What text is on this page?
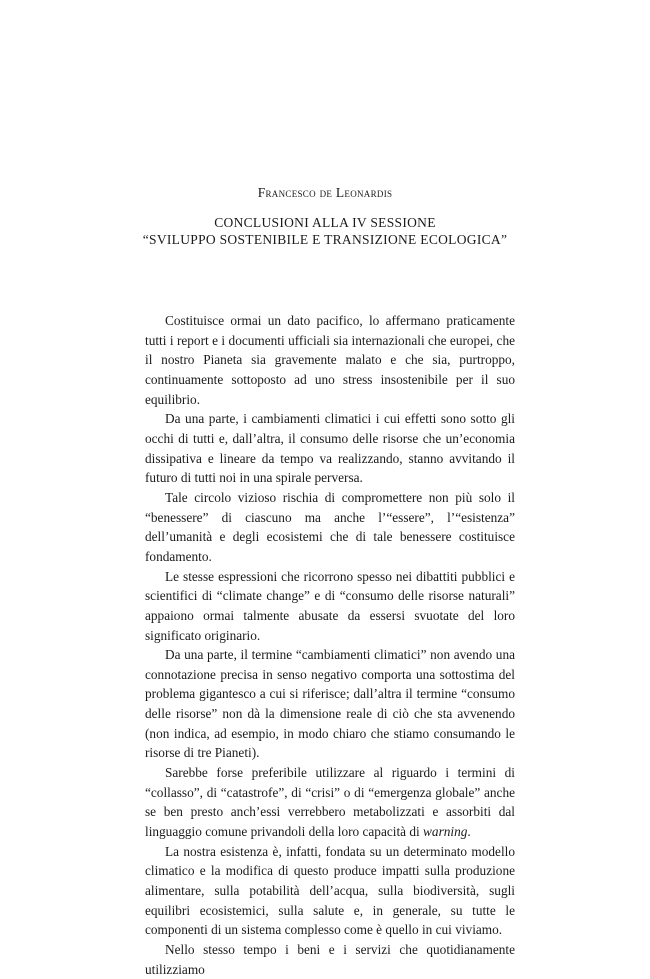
Francesco de Leonardis

CONCLUSIONI ALLA IV SESSIONE
“SVILUPPO SOSTENIBILE E TRANSIZIONE ECOLOGICA”

Costituisce ormai un dato pacifico, lo affermano praticamente tutti i report e i documenti ufficiali sia internazionali che europei, che il nostro Pianeta sia gravemente malato e che sia, purtroppo, continuamente sottoposto ad uno stress insostenibile per il suo equilibrio.

Da una parte, i cambiamenti climatici i cui effetti sono sotto gli occhi di tutti e, dall’altra, il consumo delle risorse che un’economia dissipativa e lineare da tempo va realizzando, stanno avvitando il futuro di tutti noi in una spirale perversa.

Tale circolo vizioso rischia di compromettere non più solo il “benessere” di ciascuno ma anche l’“essere”, l’“esistenza” dell’umanità e degli ecosistemi che di tale benessere costituisce fondamento.

Le stesse espressioni che ricorrono spesso nei dibattiti pubblici e scientifici di “climate change” e di “consumo delle risorse naturali” appaiono ormai talmente abusate da essersi svuotate del loro significato originario.

Da una parte, il termine “cambiamenti climatici” non avendo una connotazione precisa in senso negativo comporta una sottostima del problema gigantesco a cui si riferisce; dall’altra il termine “consumo delle risorse” non dà la dimensione reale di ciò che sta avvenendo (non indica, ad esempio, in modo chiaro che stiamo consumando le risorse di tre Pianeti).

Sarebbe forse preferibile utilizzare al riguardo i termini di “collasso”, di “catastrofe”, di “crisi” o di “emergenza globale” anche se ben presto anch’essi verrebbero metabolizzati e assorbiti dal linguaggio comune privandoli della loro capacità di warning.

La nostra esistenza è, infatti, fondata su un determinato modello climatico e la modifica di questo produce impatti sulla produzione alimentare, sulla potabilità dell’acqua, sulla biodiversità, sugli equilibri ecosistemici, sulla salute e, in generale, su tutte le componenti di un sistema complesso come è quello in cui viviamo.

Nello stesso tempo i beni e i servizi che quotidianamente utilizziamo
